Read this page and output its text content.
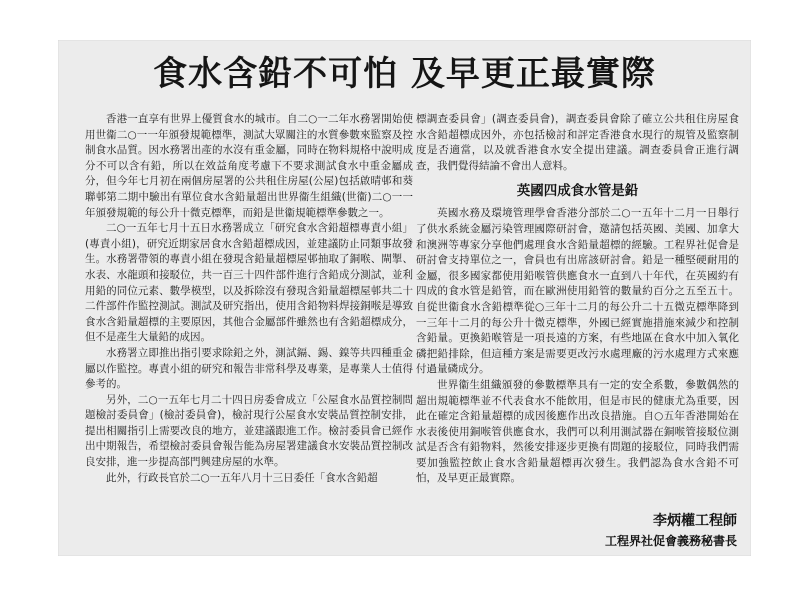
食水含鉛不可怕 及早更正最實際

香港一直享有世界上優質食水的城市。自二○一二年水務署開始使用世衞二○一一年頒發規範標準，測試大眾關注的水質參數來監察及控制食水品質。因水務署出產的水沒有重金屬，同時在物料規格中說明成分不可以含有鉛，所以在效益角度考慮下不要求測試食水中重金屬成分，但今年七月初在兩個房屋署的公共租住房屋(公屋)包括啟晴邨和葵聯邨第二期中驗出有單位食水含鉛量超出世界衞生組織(世衞)二○一一年頒發規範的每公升十微克標準，而鉛是世衞規範標準參數之一。

二○一五年七月十五日水務署成立「研究食水含鉛超標專責小組」(專責小組)，研究近期家居食水含鉛超標成因，並建議防止同類事故發生。水務署帶領的專責小組在發現含鉛量超標屋邨抽取了銅喉、閘掣、水表、水龍頭和接駁位，共一百三十四件部件進行含鉛成分測試，並利用鉛的同位元素、數學模型，以及拆除沒有發現含鉛量超標屋邨共二十二件部件作監控測試。測試及研究指出，使用含鉛物料焊接銅喉是導致食水含鉛量超標的主要原因，其他合金屬部件雖然也有含鉛超標成分，但不是產生大量鉛的成因。

水務署立即推出指引要求除鉛之外，測試鎘、錫、鎳等共四種重金屬以作監控。專責小組的研究和報告非常科學及專業，是專業人士值得參考的。

另外，二○一五年七月二十四日房委會成立「公屋食水品質控制問題檢討委員會」(檢討委員會)，檢討現行公屋食水安裝品質控制安排，提出相關指引上需要改良的地方，並建議跟進工作。檢討委員會已經作出中期報告，希望檢討委員會報告能為房屋署建議食水安裝品質控制改良安排，進一步提高部門興建房屋的水準。

此外，行政長官於二○一五年八月十三日委任「食水含鉛超

標調查委員會」(調查委員會)，調查委員會除了確立公共租住房屋食水含鉛超標成因外，亦包括檢討和評定香港食水現行的規管及監察制度是否適當，以及就香港食水安全提出建議。調查委員會正進行調查，我們覺得結論不會出人意料。

英國四成食水管是鉛

英國水務及環境管理學會香港分部於二○一五年十二月一日舉行了供水系統金屬污染管理國際研討會，邀請包括英國、美國、加拿大和澳洲等專家分享他們處理食水含鉛量超標的經驗。工程界社促會是研討會支持單位之一，會員也有出席該研討會。鉛是一種堅硬耐用的金屬，很多國家都使用鉛喉管供應食水一直到八十年代，在英國約有四成的食水管是鉛管，而在歐洲使用鉛管的數量約百分之五至五十。自從世衞食水含鉛標準從○三年十二月的每公升二十五微克標準降到一三年十二月的每公升十微克標準，外國已經實施措施來減少和控制含鉛量。更換鉛喉管是一項長遠的方案，有些地區在食水中加入氧化磷把鉛排除，但這種方案是需要更改污水處理廠的污水處理方式來應付過量磷成分。

世界衞生組織頒發的參數標準具有一定的安全系數，參數偶然的超出規範標準並不代表食水不能飲用，但是市民的健康尤為重要，因此在確定含鉛量超標的成因後應作出改良措施。自○五年香港開始在水表後使用銅喉管供應食水，我們可以利用測試器在銅喉管接駁位測試是否含有鉛物料，然後安排逐步更換有問題的接駁位，同時我們需要加強監控飲止食水含鉛量超標再次發生。我們認為食水含鉛不可怕，及早更正最實際。

李炳權工程師
工程界社促會義務秘書長
